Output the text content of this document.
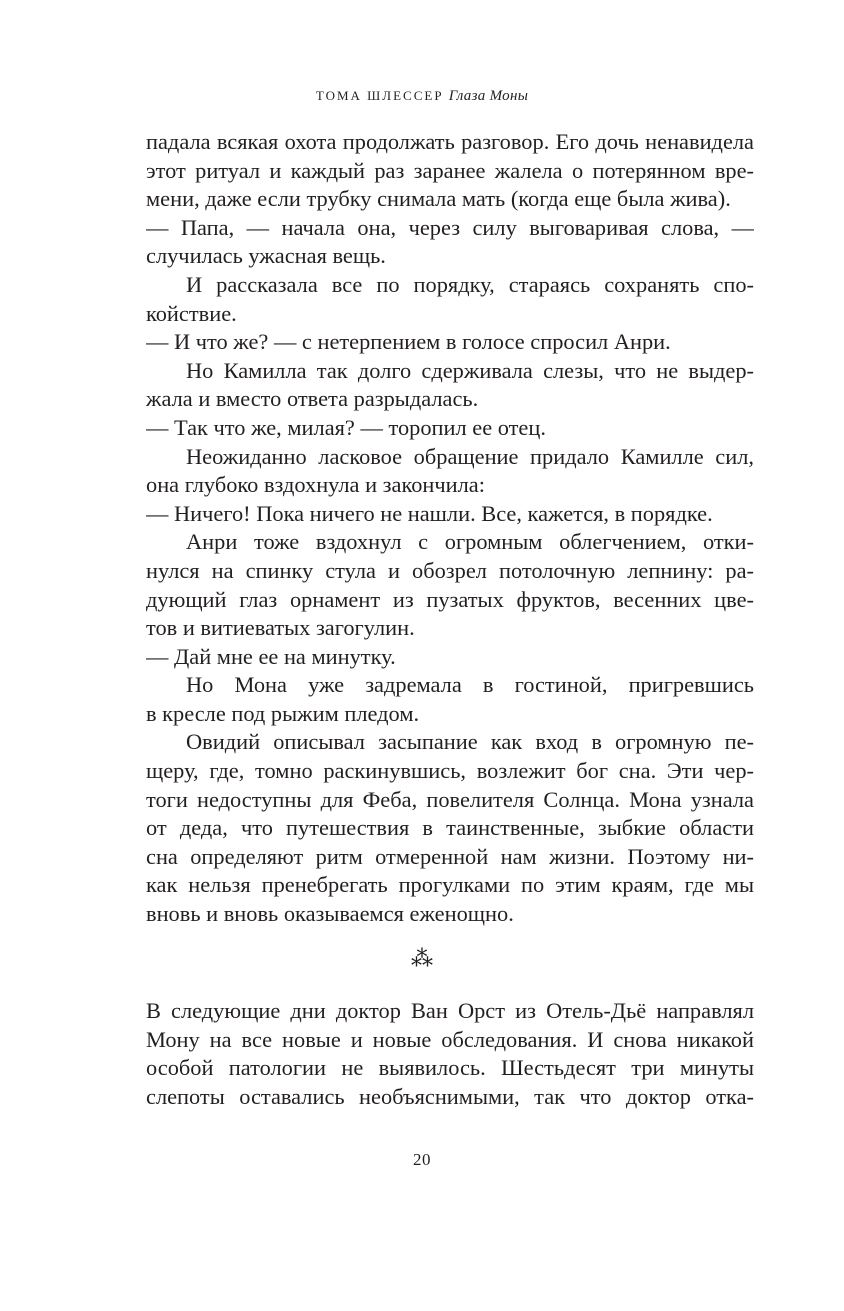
ТОМА ШЛЕССЕР Глаза Моны
падала всякая охота продолжать разговор. Его дочь ненавидела
этот ритуал и каждый раз заранее жалела о потерянном вре-
мени, даже если трубку снимала мать (когда еще была жива).
— Папа, — начала она, через силу выговаривая слова, —
случилась ужасная вещь.
И рассказала все по порядку, стараясь сохранять спо-
койствие.
— И что же? — с нетерпением в голосе спросил Анри.
Но Камилла так долго сдерживала слезы, что не выдер-
жала и вместо ответа разрыдалась.
— Так что же, милая? — торопил ее отец.
Неожиданно ласковое обращение придало Камилле сил,
она глубоко вздохнула и закончила:
— Ничего! Пока ничего не нашли. Все, кажется, в порядке.
Анри тоже вздохнул с огромным облегчением, отки-
нулся на спинку стула и обозрел потолочную лепнину: ра-
дующий глаз орнамент из пузатых фруктов, весенних цве-
тов и витиеватых загогулин.
— Дай мне ее на минутку.
Но Мона уже задремала в гостиной, пригревшись
в кресле под рыжим пледом.
Овидий описывал засыпание как вход в огромную пе-
щеру, где, томно раскинувшись, возлежит бог сна. Эти чер-
тоги недоступны для Феба, повелителя Солнца. Мона узнала
от деда, что путешествия в таинственные, зыбкие области
сна определяют ритм отмеренной нам жизни. Поэтому ни-
как нельзя пренебрегать прогулками по этим краям, где мы
вновь и вновь оказываемся еженощно.
⁂
В следующие дни доктор Ван Орст из Отель-Дьё направлял
Мону на все новые и новые обследования. И снова никакой
особой патологии не выявилось. Шестьдесят три минуты
слепоты оставались необъяснимыми, так что доктор отка-
20
